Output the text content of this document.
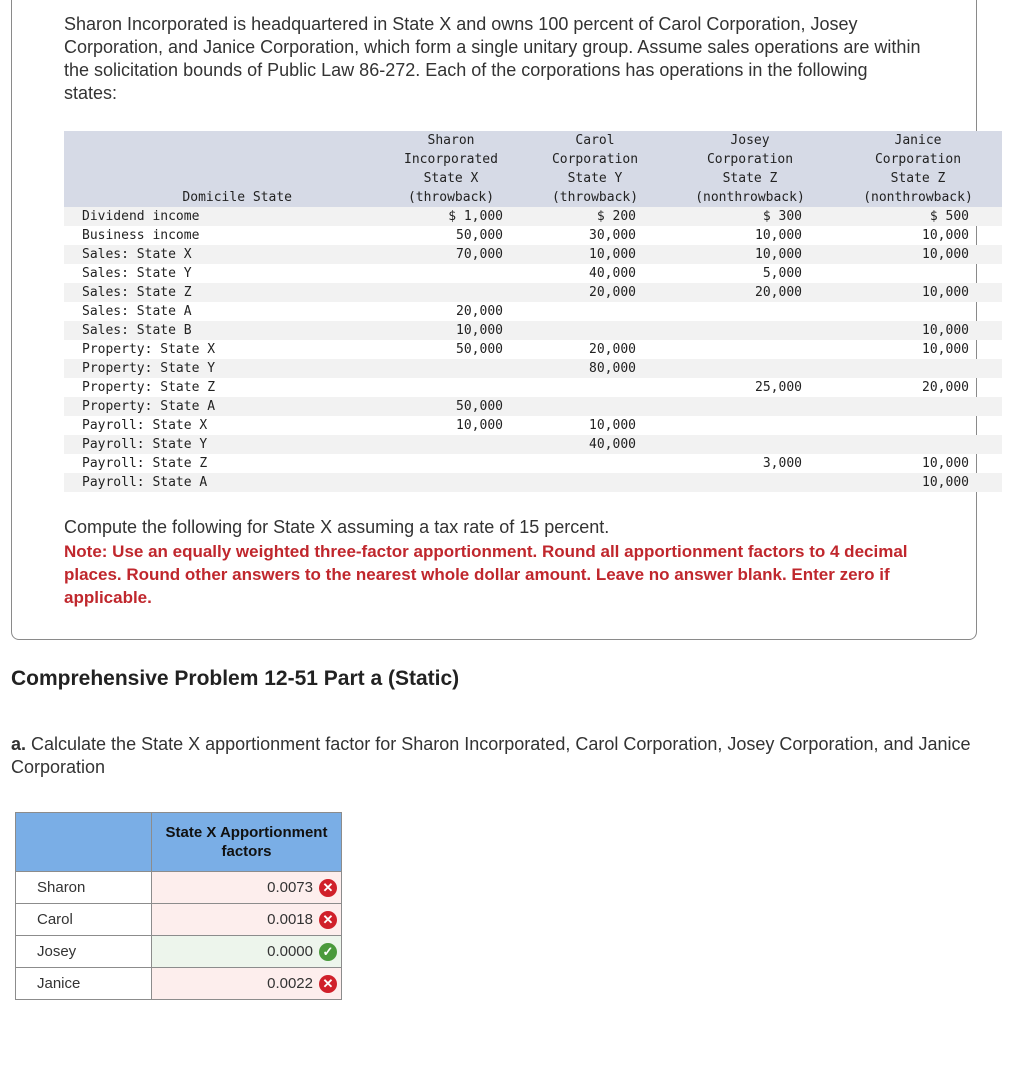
Sharon Incorporated is headquartered in State X and owns 100 percent of Carol Corporation, Josey Corporation, and Janice Corporation, which form a single unitary group. Assume sales operations are within the solicitation bounds of Public Law 86-272. Each of the corporations has operations in the following states:

	Sharon	Carol	Josey	Janice
	Incorporated	Corporation	Corporation	Corporation
	State X	State Y	State Z	State Z
Domicile State	(throwback)	(throwback)	(nonthrowback)	(nonthrowback)
Dividend income	$ 1,000	$ 200	$ 300	$ 500
Business income	50,000	30,000	10,000	10,000
Sales: State X	70,000	10,000	10,000	10,000
Sales: State Y		40,000	5,000	
Sales: State Z		20,000	20,000	10,000
Sales: State A	20,000			
Sales: State B	10,000			10,000
Property: State X	50,000	20,000		10,000
Property: State Y		80,000		
Property: State Z			25,000	20,000
Property: State A	50,000			
Payroll: State X	10,000	10,000		
Payroll: State Y		40,000		
Payroll: State Z			3,000	10,000
Payroll: State A				10,000

Compute the following for State X assuming a tax rate of 15 percent.

Note: Use an equally weighted three-factor apportionment. Round all apportionment factors to 4 decimal places. Round other answers to the nearest whole dollar amount. Leave no answer blank. Enter zero if applicable.

Comprehensive Problem 12-51 Part a (Static)

a. Calculate the State X apportionment factor for Sharon Incorporated, Carol Corporation, Josey Corporation, and Janice Corporation

	State X Apportionment factors
Sharon	0.0073 ✕
Carol	0.0018 ✕
Josey	0.0000 ✓
Janice	0.0022 ✕
